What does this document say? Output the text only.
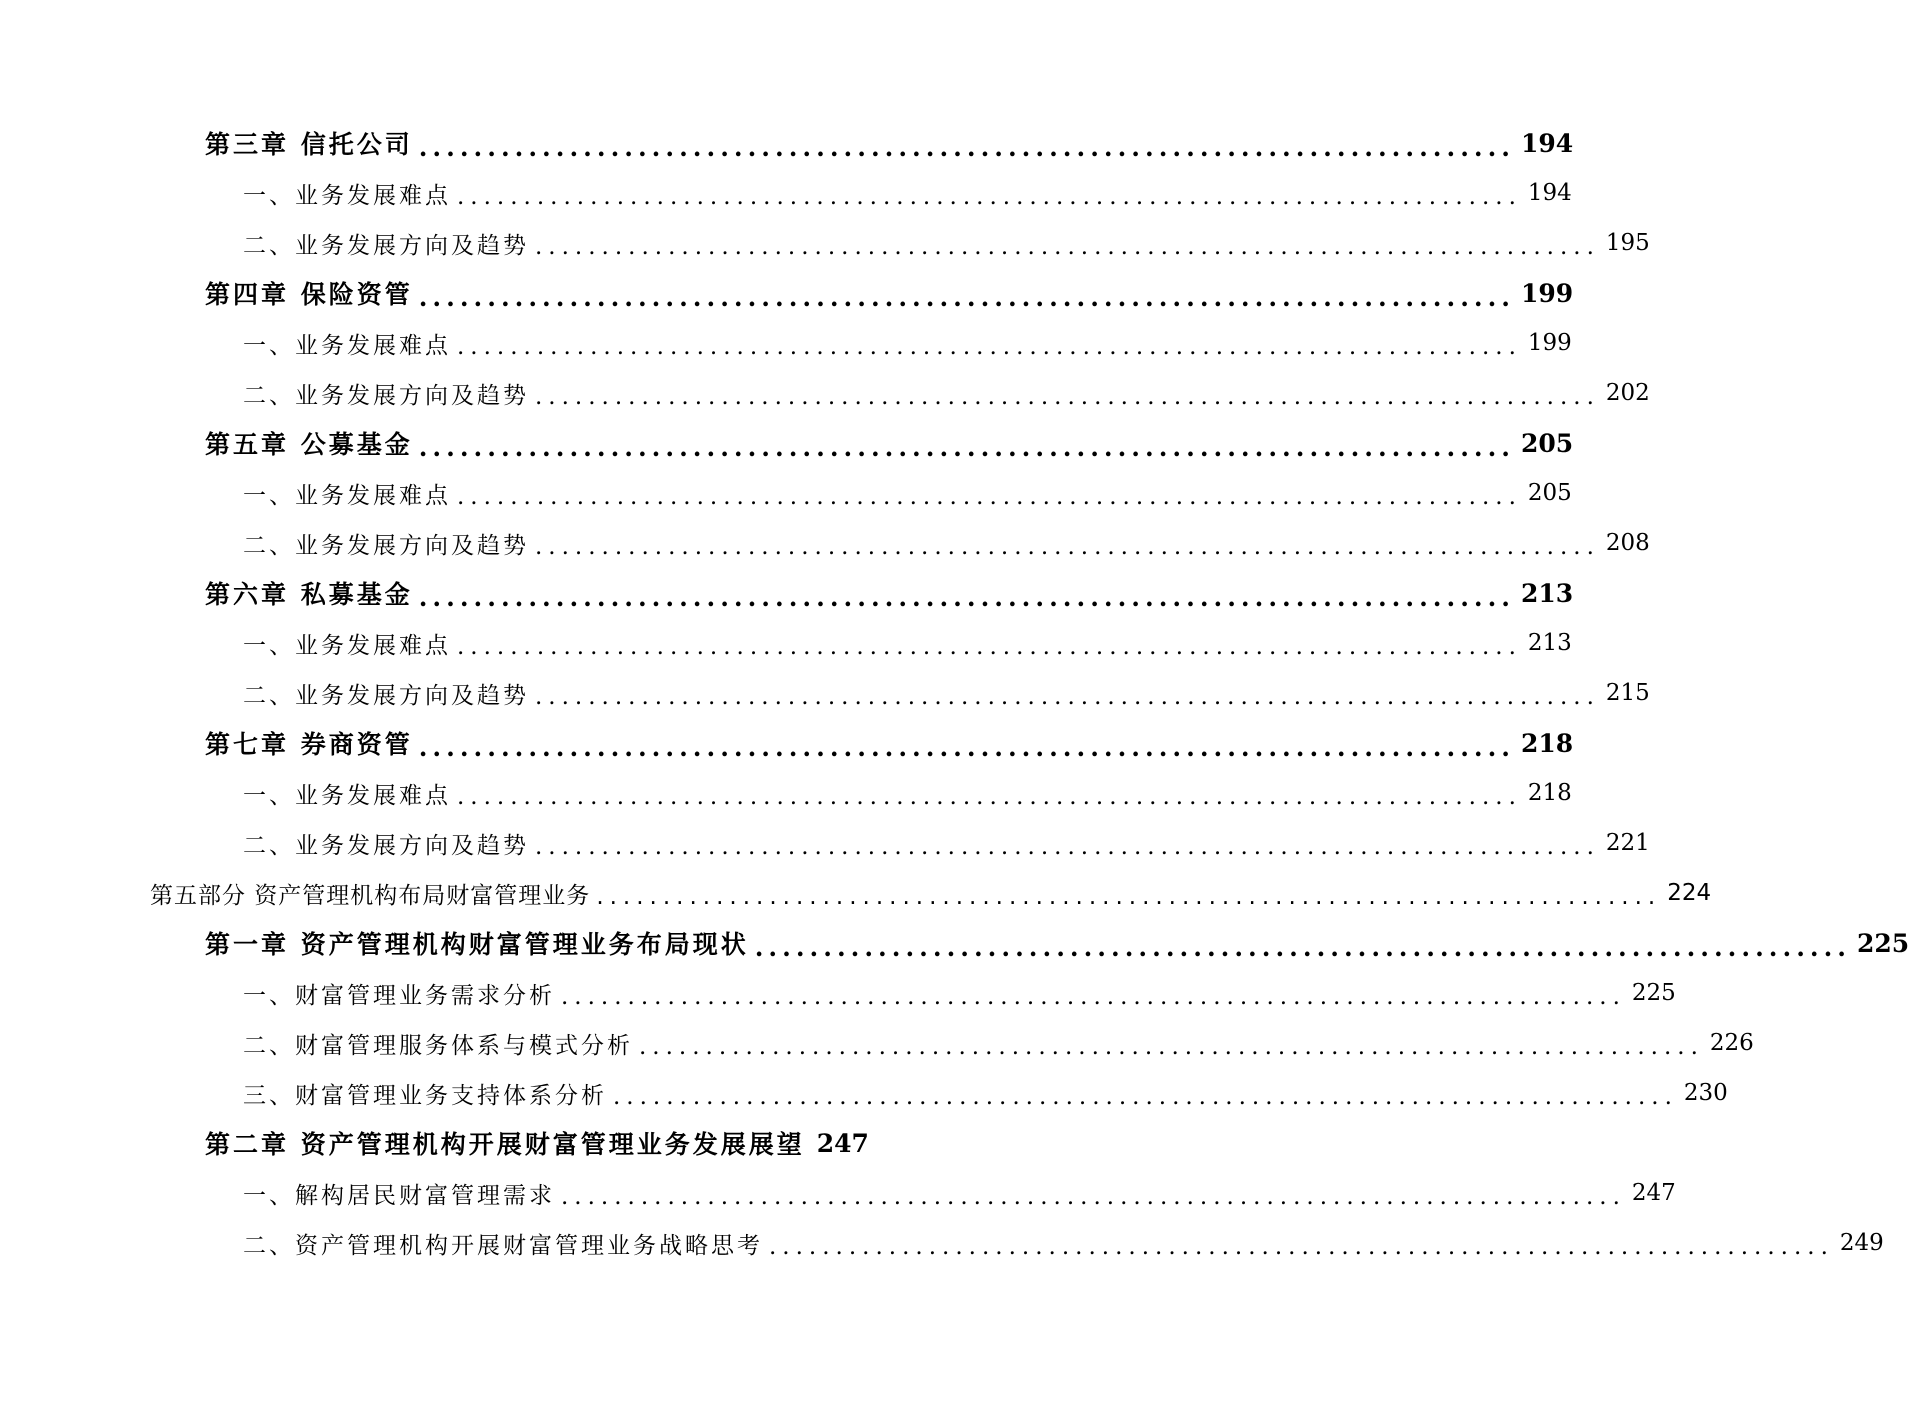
第三章 信托公司 ................................................................................ 194
一、业务发展难点 ................................................................................ 194
二、业务发展方向及趋势 ................................................................................ 195
第四章 保险资管 ................................................................................ 199
一、业务发展难点 ................................................................................ 199
二、业务发展方向及趋势 ................................................................................ 202
第五章 公募基金 ................................................................................ 205
一、业务发展难点 ................................................................................ 205
二、业务发展方向及趋势 ................................................................................ 208
第六章 私募基金 ................................................................................ 213
一、业务发展难点 ................................................................................ 213
二、业务发展方向及趋势 ................................................................................ 215
第七章 券商资管 ................................................................................ 218
一、业务发展难点 ................................................................................ 218
二、业务发展方向及趋势 ................................................................................ 221
第五部分 资产管理机构布局财富管理业务 ................................................................................ 224
第一章 资产管理机构财富管理业务布局现状 ................................................................................ 225
一、财富管理业务需求分析 ................................................................................ 225
二、财富管理服务体系与模式分析 ................................................................................ 226
三、财富管理业务支持体系分析 ................................................................................ 230
第二章 资产管理机构开展财富管理业务发展展望 247
一、解构居民财富管理需求 ................................................................................ 247
二、资产管理机构开展财富管理业务战略思考 ................................................................................ 249
